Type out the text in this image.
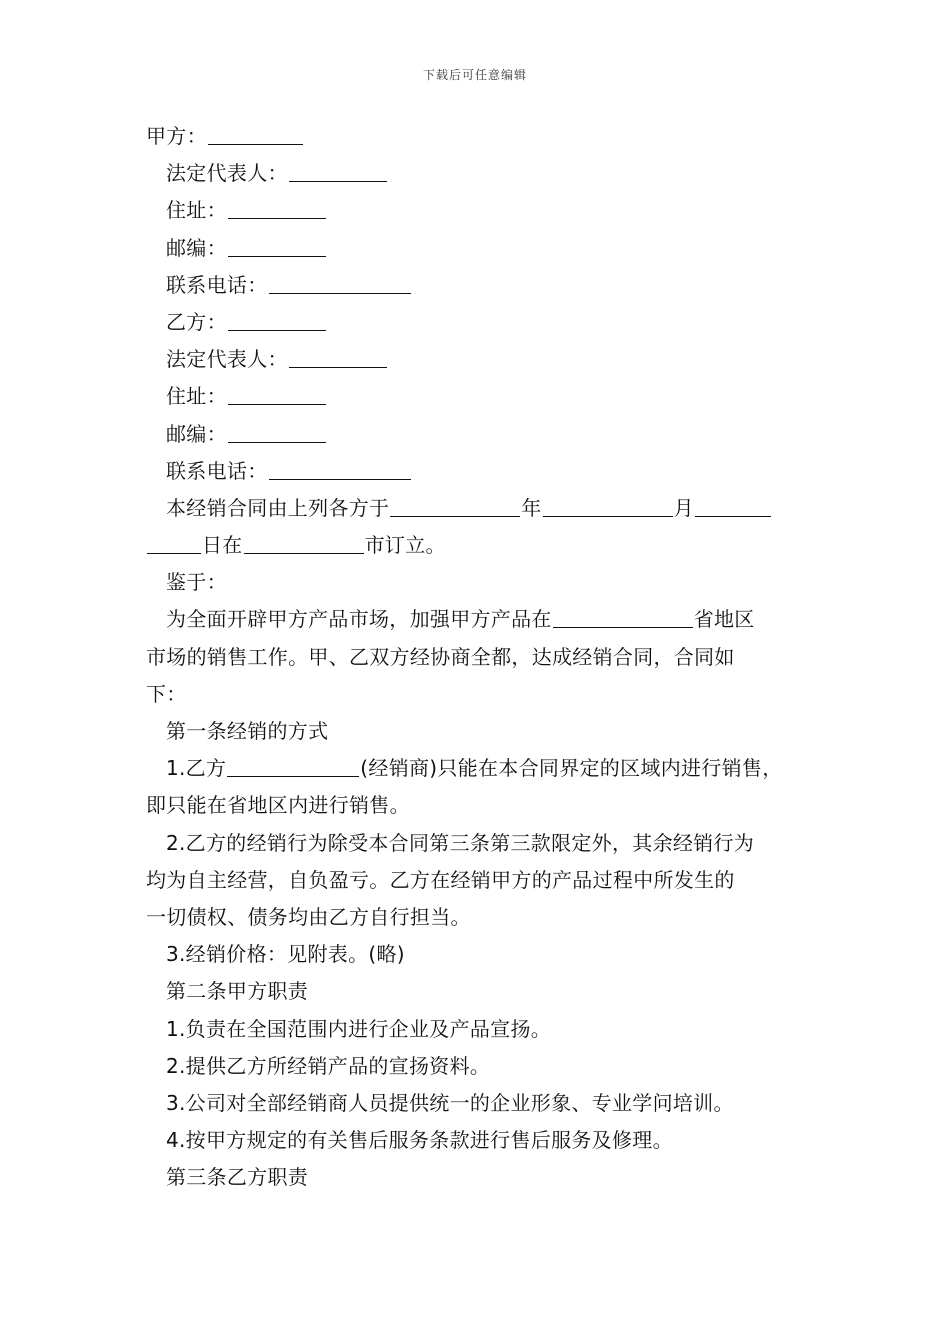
下载后可任意编辑
甲方：
法定代表人：
住址：
邮编：
联系电话：
乙方：
法定代表人：
住址：
邮编：
联系电话：
本经销合同由上列各方于	年	月
日在	市订立。
鉴于：
为全面开辟甲方产品市场，加强甲方产品在	省地区
市场的销售工作。甲、乙双方经协商全都，达成经销合同，合同如
下：
第一条经销的方式
1.乙方	(经销商)只能在本合同界定的区域内进行销售，
即只能在省地区内进行销售。
2.乙方的经销行为除受本合同第三条第三款限定外，其余经销行为
均为自主经营，自负盈亏。乙方在经销甲方的产品过程中所发生的
一切债权、债务均由乙方自行担当。
3.经销价格：见附表。(略)
第二条甲方职责
1.负责在全国范围内进行企业及产品宣扬。
2.提供乙方所经销产品的宣扬资料。
3.公司对全部经销商人员提供统一的企业形象、专业学问培训。
4.按甲方规定的有关售后服务条款进行售后服务及修理。
第三条乙方职责
